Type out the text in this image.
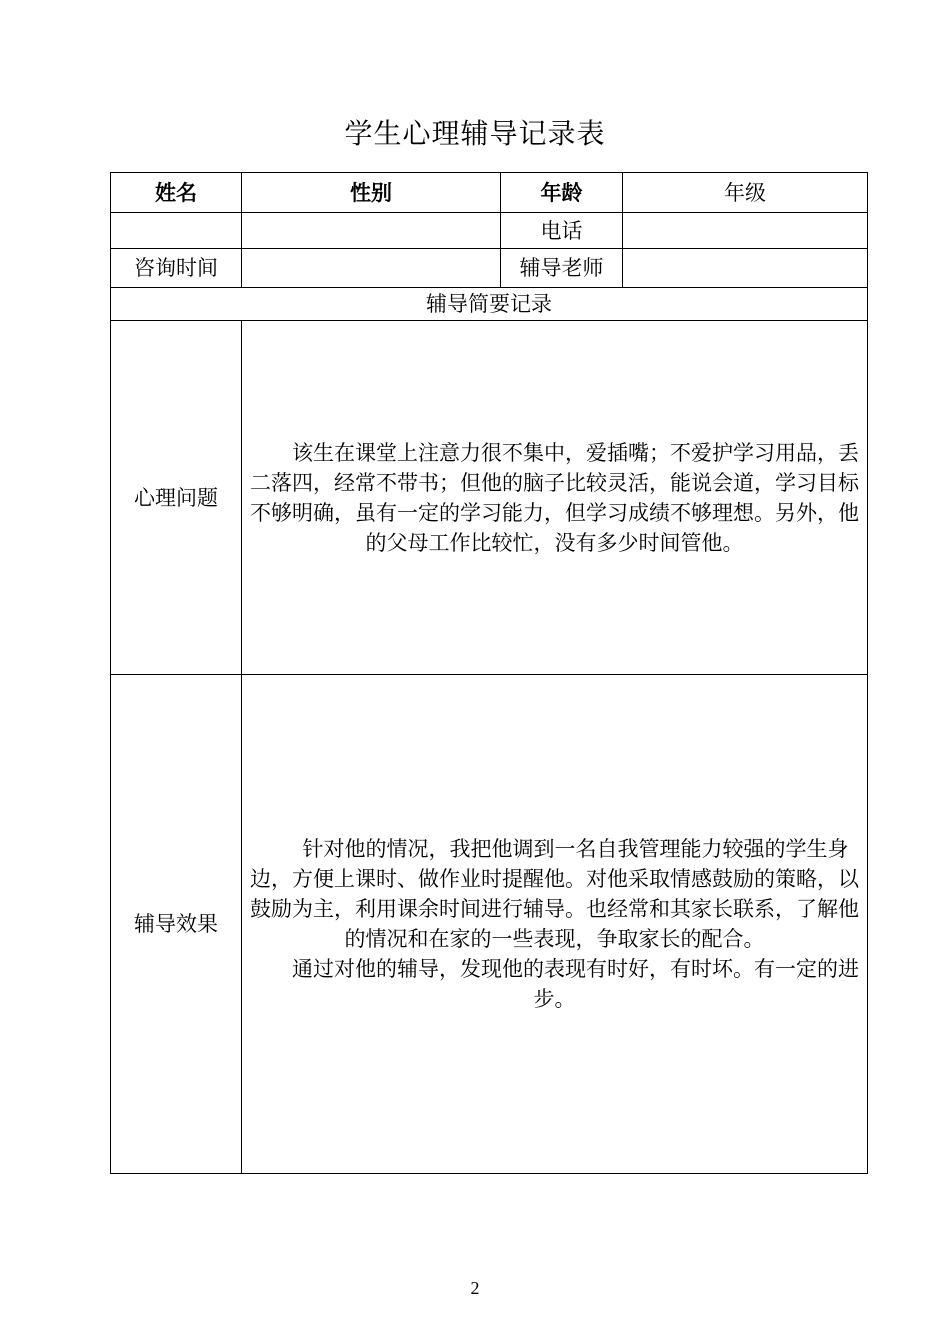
学生心理辅导记录表
姓名	性别	年龄	年级
		电话	
咨询时间		辅导老师	
辅导简要记录			
心理问题	该生在课堂上注意力很不集中，爱插嘴；不爱护学习用品，丢二落四，经常不带书；但他的脑子比较灵活，能说会道，学习目标不够明确，虽有一定的学习能力，但学习成绩不够理想。另外，他的父母工作比较忙，没有多少时间管他。		

辅导效果	针对他的情况，我把他调到一名自我管理能力较强的学生身边，方便上课时、做作业时提醒他。对他采取情感鼓励的策略，以鼓励为主，利用课余时间进行辅导。也经常和其家长联系，了解他的情况和在家的一些表现，争取家长的配合。

通过对他的辅导，发现他的表现有时好，有时坏。有一定的进步。		

2
